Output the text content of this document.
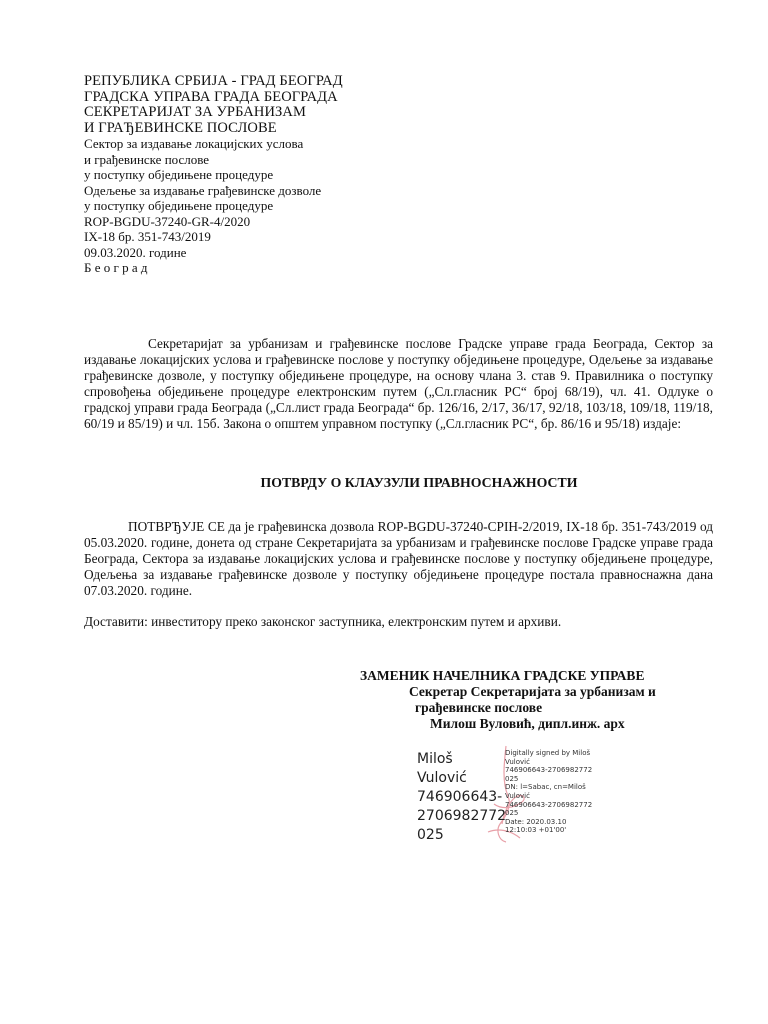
РЕПУБЛИКА СРБИЈА - ГРАД БЕОГРАД
ГРАДСКА УПРАВА ГРАДА БЕОГРАДА
СЕКРЕТАРИЈАТ ЗА УРБАНИЗАМ
И ГРАЂЕВИНСКЕ ПОСЛОВЕ
Сектор за издавање локацијских услова
и грађевинске послове
у поступку обједињене процедуре
Одељење за издавање грађевинске дозволе
у поступку обједињене процедуре
ROP-BGDU-37240-GR-4/2020
IX-18 бр. 351-743/2019
09.03.2020. године
Б е о г р а д
Секретаријат за урбанизам и грађевинске послове Градске управе града Београда, Сектор за издавање локацијских услова и грађевинске послове у поступку обједињене процедуре, Одељење за издавање грађевинске дозволе, у поступку обједињене процедуре, на основу члана 3. став 9. Правилника о поступку спровођења обједињене процедуре електронским путем („Сл.гласник РС“ број 68/19), чл. 41. Одлуке о градској управи града Београда („Сл.лист града Београда“ бр. 126/16, 2/17, 36/17, 92/18, 103/18, 109/18, 119/18, 60/19 и 85/19) и чл. 15б. Закона о општем управном поступку („Сл.гласник РС“, бр. 86/16 и 95/18) издаје:
ПОТВРДУ О КЛАУЗУЛИ ПРАВНОСНАЖНОСТИ
ПОТВРЂУЈЕ СЕ да је грађевинска дозвола ROP-BGDU-37240-CPIH-2/2019, IX-18 бр. 351-743/2019 од 05.03.2020. године, донета од стране Секретаријата за урбанизам и грађевинске послове Градске управе града Београда, Сектора за издавање локацијских услова и грађевинске послове у поступку обједињене процедуре, Одељења за издавање грађевинске дозволе у поступку обједињене процедуре постала правноснажна дана 07.03.2020. године.
Доставити: инвеститору преко законског заступника, електронским путем и архиви.
ЗАМЕНИК НАЧЕЛНИКА ГРАДСКЕ УПРАВЕ
Секретар Секретаријата за урбанизам и
грађевинске послове
Милош Вуловић, дипл.инж. арх
Miloš
Vulović
746906643-
2706982772
025
Digitally signed by Miloš
Vulović
746906643-2706982772
025
DN: l=Sabac, cn=Miloš
Vulović
746906643-2706982772
025
Date: 2020.03.10
12:10:03 +01'00'
